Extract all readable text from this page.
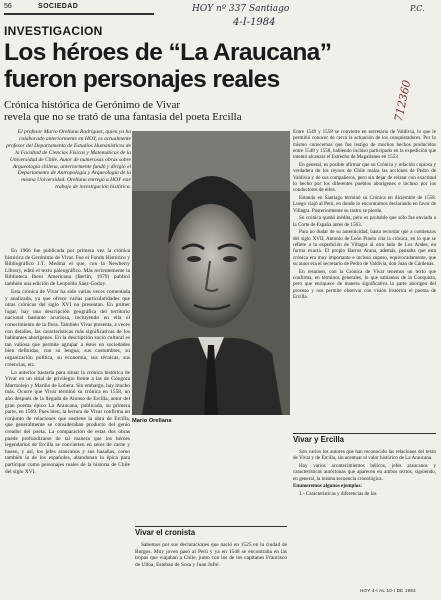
56	SOCIEDAD	HOY nº 337 Santiago
4-I-1984
P.C.
712360
INVESTIGACION
Los héroes de “La Araucana”
fueron personajes reales
Crónica histórica de Gerónimo de Vivar
revela que no se trató de una fantasía del poeta Ercilla
El profesor Mario Orellana Rodríguez, quien ya ha colaborado anteriormente en HOY, es actualmente profesor del Departamento de Estudios Humanísticos de la Facultad de Ciencias Físicas y Matemáticas de la Universidad de Chile. Autor de numerosas obras sobre Arqueología chilena, anteriormente fundó y dirigió el Departamento de Antropología y Arqueología de la misma Universidad. Orellana entregó a HOY este trabajo de investigación histórica.
Mario Orellana

En 1966 fue publicada por primera vez la crónica histórica de Gerónimo de Vivar. Fue el Fondo Histórico y Bibliográfico J.T. Medina el que, con la Newberry Library, editó el texto paleográfico. Más recientemente la Biblioteca Ibero Americana (Berlín, 1979) publicó también una edición de Leopoldo Sáez-Godoy.

Esta crónica de Vivar ha sido varias veces comentada y analizada, ya que ofrece varias particularidades que otras crónicas del siglo XVI no presentan. En primer lugar, hay una descripción geográfica del territorio nacional bastante acuciosa, incluyendo en ella el conocimiento de la flora. También Vivar presenta, a veces con detalles, las características más significativas de los habitantes aborígenes. En la descripción socio cultural es tan valiosa que permite agrupar a éstos en sociedades bien definidas, con su lengua, sus costumbres, su organización política, su economía, sus técnicas, sus creencias, etc.

Lo anterior bastaría para situar la crónica histórica de Vivar en un sitial de privilegio frente a las de Góngora Marmolejo y Mariño de Lobera. Sin embargo, hay mucho más. Ocurre que Vivar terminó su crónica en 1558, un año después de la llegada de Alonso de Ercilla, autor del gran poema épico La Araucana, publicada, su primera parte, en 1569. Pues bien, la lectura de Vivar confirma un conjunto de relaciones que sostiene la obra de Ercilla, que generalmente se consideraban producto del genio creador del poeta. La comparación de estas dos obras puede profundizarse de tal manera que los héroes legendarios de Ercilla se convierten en seres de carne y hueso, y así, los jefes araucanos y sus hazañas, como también la de los españoles, abandonan la épica para participar como personajes reales de la historia de Chile del siglo XVI.

Vivar el cronista

Sabemos por sus declaraciones que nació en 1525 en la ciudad de Burgos. Muy joven pasó al Perú y ya en 1548 se encontraba en las tropas que viajaban a Chile, junto con los de los capitanes Francisco de Ulloa, Esteban de Sosa y Juan Jufré.

Entre 1549 y 1558 se convierte en secretario de Valdivia, lo que le permitió conocer de cerca la actuación de los conquistadores. Por lo mismo conocemos que fue testigo de muchos hechos producidos entre 1548 y 1558, habiendo incluso participado en la expedición que intentó alcanzar el Estrecho de Magallanes en 1553.

En general, es posible afirmar que su Crónica y relación copiosa y verdadera de los reynos de Chile realza las acciones de Pedro de Valdivia y de sus compañeros, pero sin dejar de relatar con exactitud lo hecho por los diferentes pueblos aborígenes e incluso por los conductores de ellos.

Estando en Santiago terminó su Crónica en diciembre de 1558. Luego viajó al Perú, en donde lo encontramos declarando en favor de Villagra. Posteriormente su rastro se pierde.

Su crónica quedó inédita, pero es probable que sólo fue enviada a la Corte de España antes de 1563.

Para no dudar de su autenticidad, basta recordar que a comienzos del siglo XVII, Antonio de León Pinelo cita la crónica, en lo que se refiere a la expedición de Villagra al otro lado de Los Andes, en forma exacta. El propio Barros Arana, además, pensaba que esta crónica era muy importante e incluso supuso, equivocadamente, que su autor era el secretario de Pedro de Valdivia, don Juan de Cárdenas.

En resumen, con la Crónica de Vivar tenemos un texto que confirma, en términos generales, lo que sabíamos de la Conquista, pero que enriquece de manera significativa la parte aborigen del proceso y nos permite observar con visión histórica el poema de Ercilla.

Vivar y Ercilla

Son varios los autores que han reconocido las relaciones del texto de Vivar y de Ercilla, sin acentuar el valor histórico de La Araucana.

Hay varios acontecimientos bélicos, jefes araucanos y características autóctonas que aparecen en ambos textos, siguiendo, en general, la misma secuencia cronológica.

Enumeremos algunos ejemplos:

1.- Características y diferencias de los

HOY 4-I AL 10-I DE 1984
